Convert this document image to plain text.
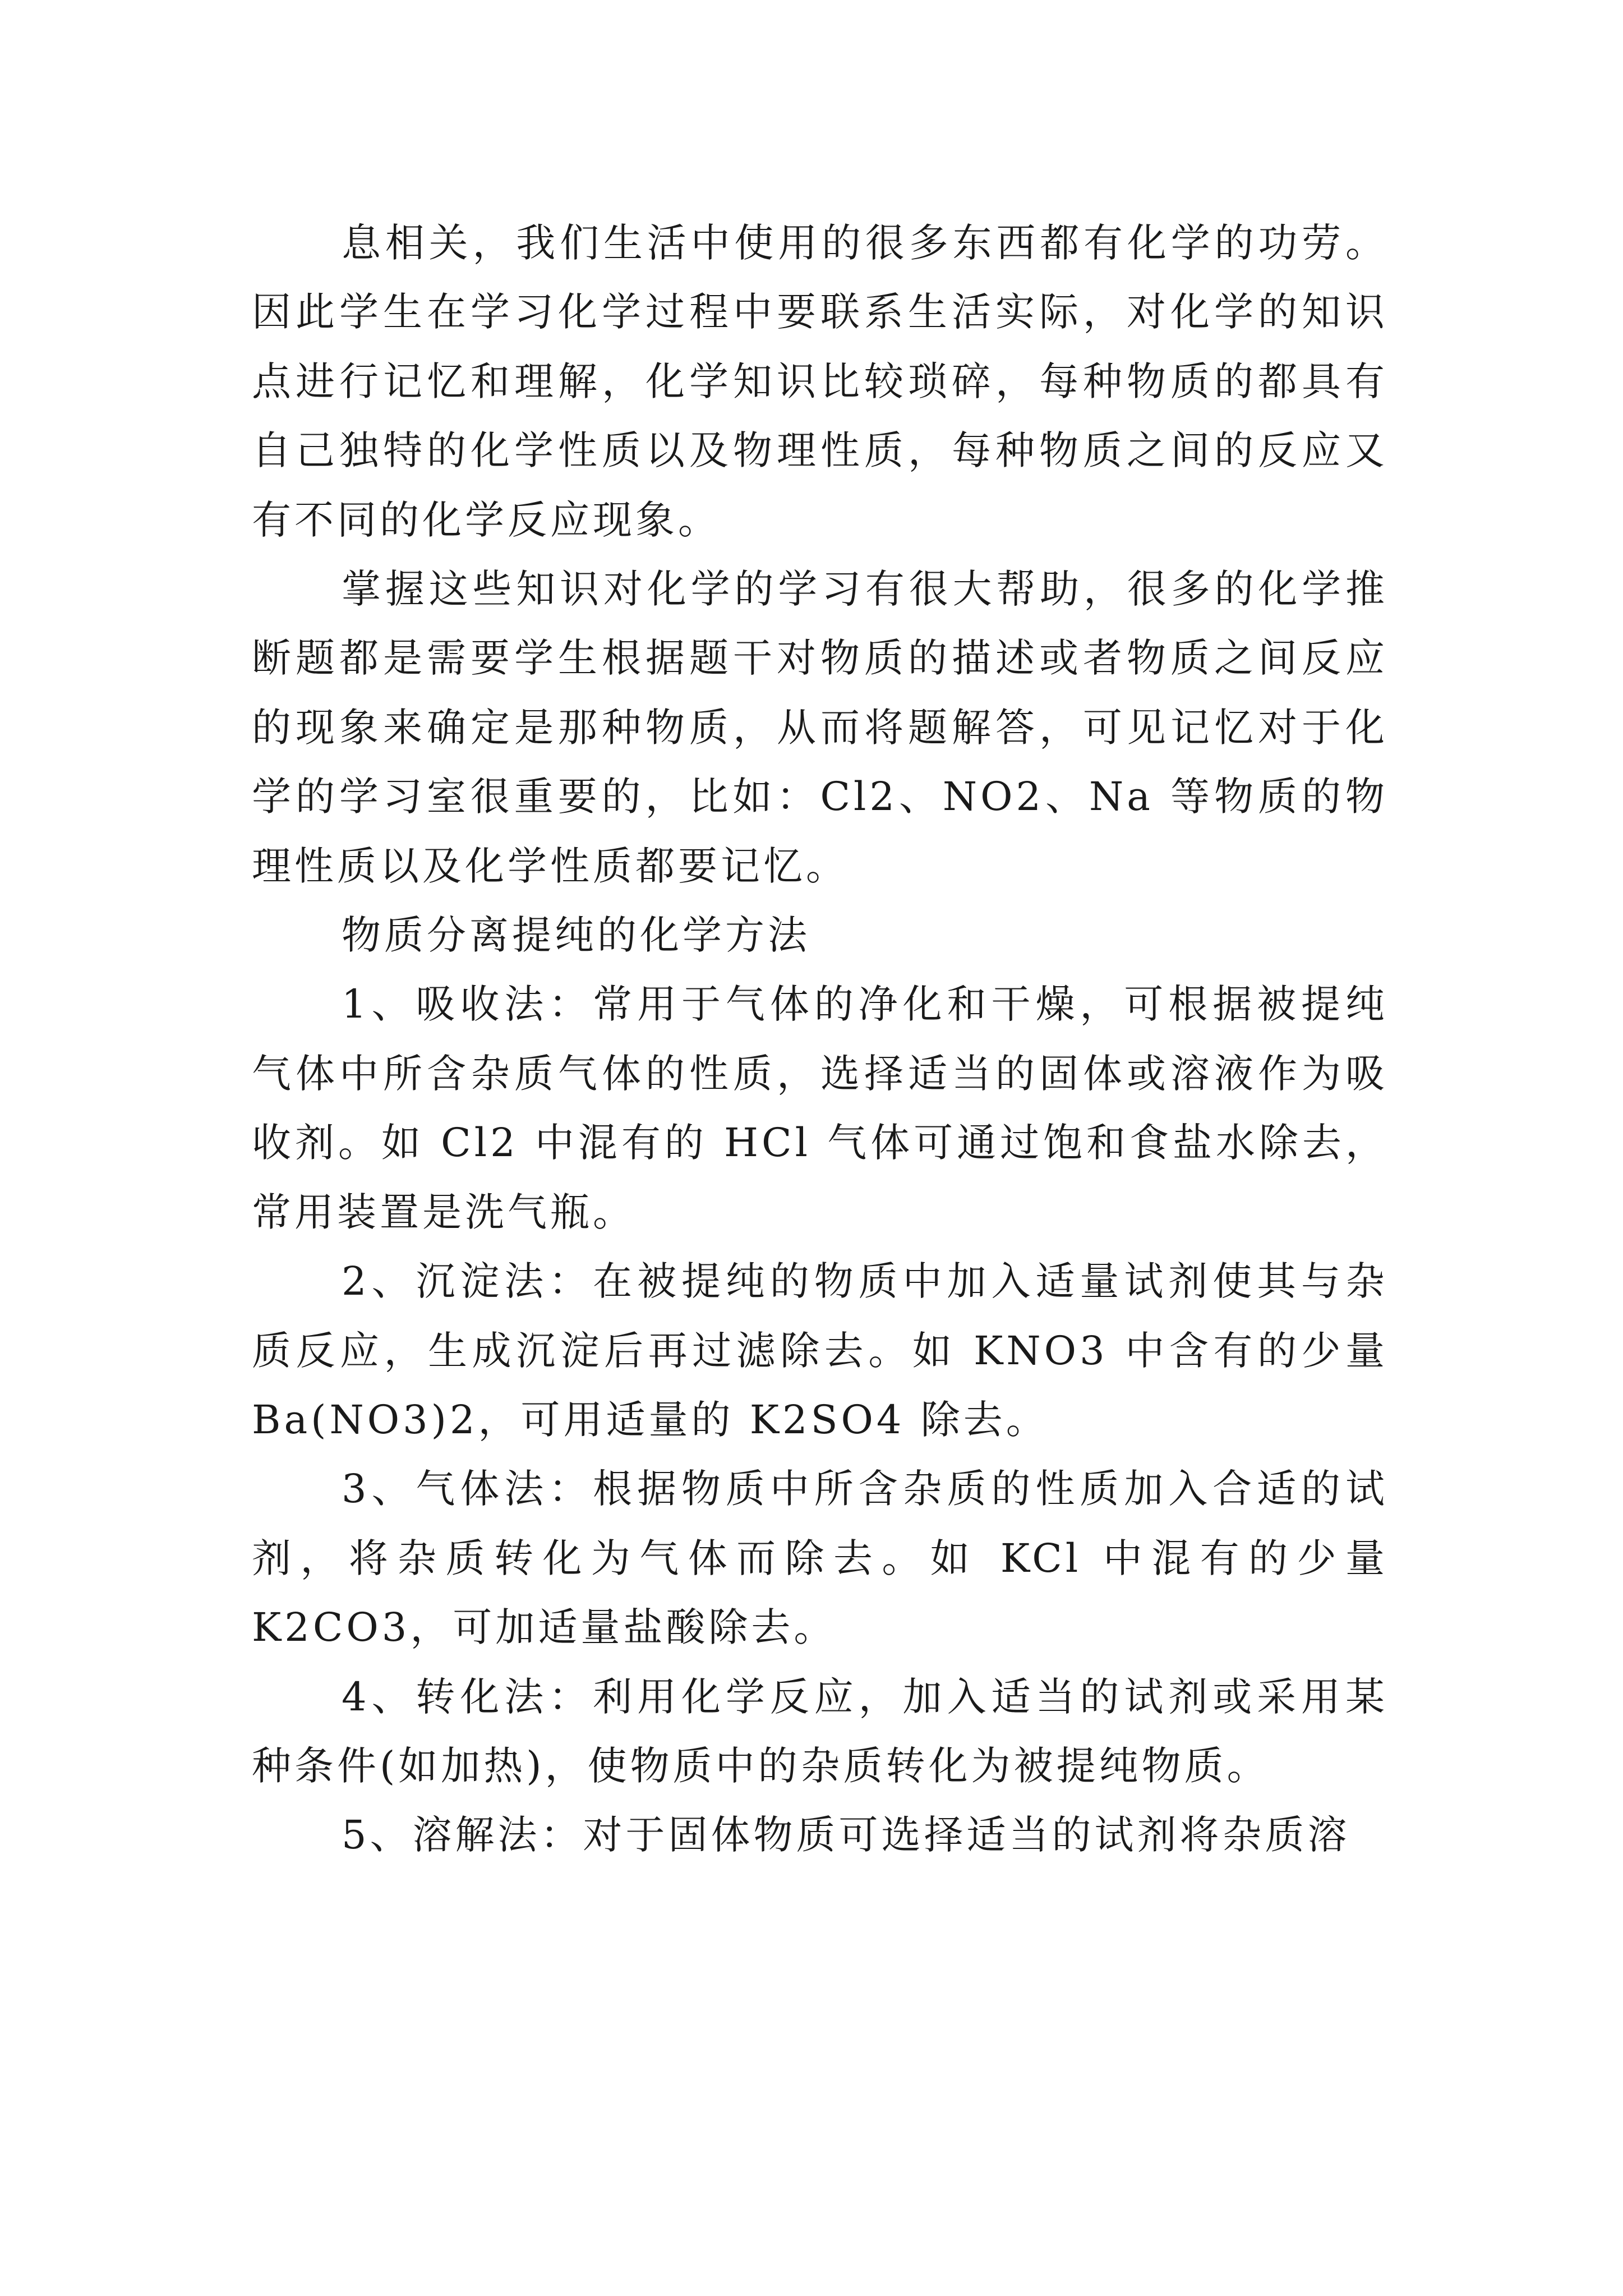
息相关，我们生活中使用的很多东西都有化学的功劳。因此学生在学习化学过程中要联系生活实际，对化学的知识点进行记忆和理解，化学知识比较琐碎，每种物质的都具有自己独特的化学性质以及物理性质，每种物质之间的反应又有不同的化学反应现象。

掌握这些知识对化学的学习有很大帮助，很多的化学推断题都是需要学生根据题干对物质的描述或者物质之间反应的现象来确定是那种物质，从而将题解答，可见记忆对于化学的学习室很重要的，比如：Cl2、NO2、Na 等物质的物理性质以及化学性质都要记忆。

物质分离提纯的化学方法

1、吸收法：常用于气体的净化和干燥，可根据被提纯气体中所含杂质气体的性质，选择适当的固体或溶液作为吸收剂。如 Cl2 中混有的 HCl 气体可通过饱和食盐水除去，常用装置是洗气瓶。

2、沉淀法：在被提纯的物质中加入适量试剂使其与杂质反应，生成沉淀后再过滤除去。如 KNO3 中含有的少量 Ba(NO3)2，可用适量的 K2SO4 除去。

3、气体法：根据物质中所含杂质的性质加入合适的试剂，将杂质转化为气体而除去。如 KCl 中混有的少量 K2CO3，可加适量盐酸除去。

4、转化法：利用化学反应，加入适当的试剂或采用某种条件(如加热)，使物质中的杂质转化为被提纯物质。

5、溶解法：对于固体物质可选择适当的试剂将杂质溶
